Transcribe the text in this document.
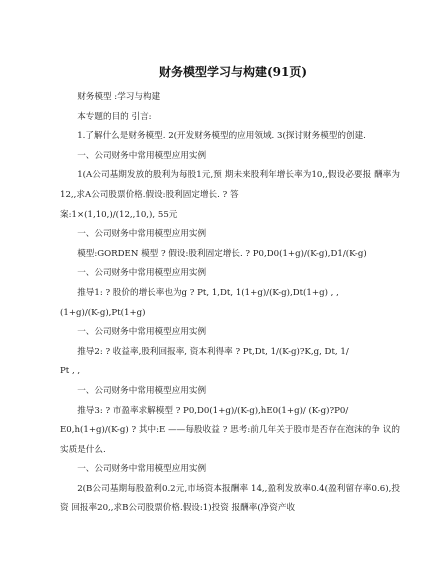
财务模型学习与构建(91页)

财务模型 :学习与构建

本专题的目的 引言:

1.了解什么是财务模型. 2(开发财务模型的应用领域. 3(探讨财务模型的创建.

一、公司财务中常用模型应用实例

1(A公司基期发放的股利为每股1元,预 期未来股利年增长率为10,,假设必要报 酬率为12,,求A公司股票价格.假设:股利固定增长. ? 答

案:1×(1,10,)/(12,,10,), 55元

一、公司财务中常用模型应用实例

模型:GORDEN 模型 ? 假设:股利固定增长. ? P0,D0(1+g)/(K-g),D1/(K-g)

一、公司财务中常用模型应用实例

推导1: ? 股价的增长率也为g ? Pt, 1,Dt, 1(1+g)/(K-g),Dt(1+g) , ,

(1+g)/(K-g),Pt(1+g)

一、公司财务中常用模型应用实例

推导2: ? 收益率,股利回报率, 资本利得率 ? Pt,Dt, 1/(K-g)?K,g, Dt, 1/

Pt , ,

一、公司财务中常用模型应用实例

推导3: ? 市盈率求解模型 ? P0,D0(1+g)/(K-g),hE0(1+g)/ (K-g)?P0/

E0,h(1+g)/(K-g) ? 其中:E ——每股收益 ? 思考:前几年关于股市是否存在泡沫的争 议的实质是什么.

一、公司财务中常用模型应用实例

2(B公司基期每股盈利0.2元,市场资本报酬率 14,,盈利发放率0.4(盈利留存率0.6),投资 回报率20,,求B公司股票价格.假设:1)投资 报酬率(净资产收
